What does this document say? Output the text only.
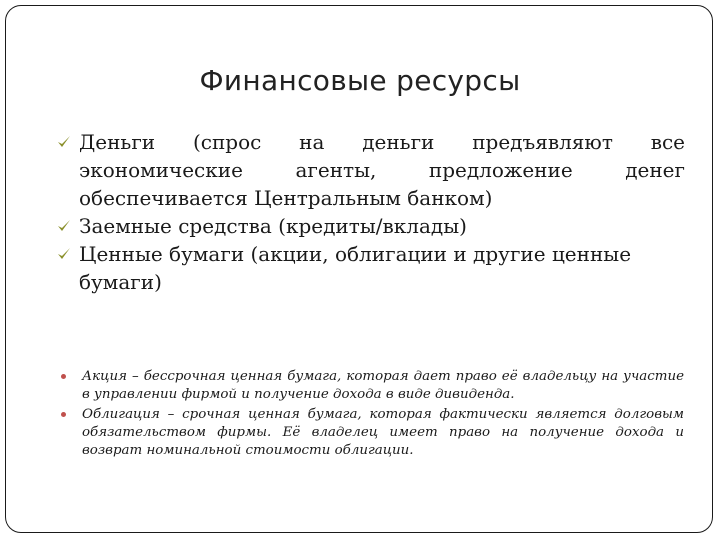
Финансовые ресурсы
Деньги (спрос на деньги предъявляют все экономические агенты, предложение денег обеспечивается Центральным банком)
Заемные средства (кредиты/вклады)
Ценные бумаги (акции, облигации и другие ценные бумаги)
Акция – бессрочная ценная бумага, которая дает право её владельцу на участие в управлении фирмой и получение дохода в виде дивиденда.
Облигация – срочная ценная бумага, которая фактически является долговым обязательством фирмы. Её владелец имеет право на получение дохода и возврат номинальной стоимости облигации.
